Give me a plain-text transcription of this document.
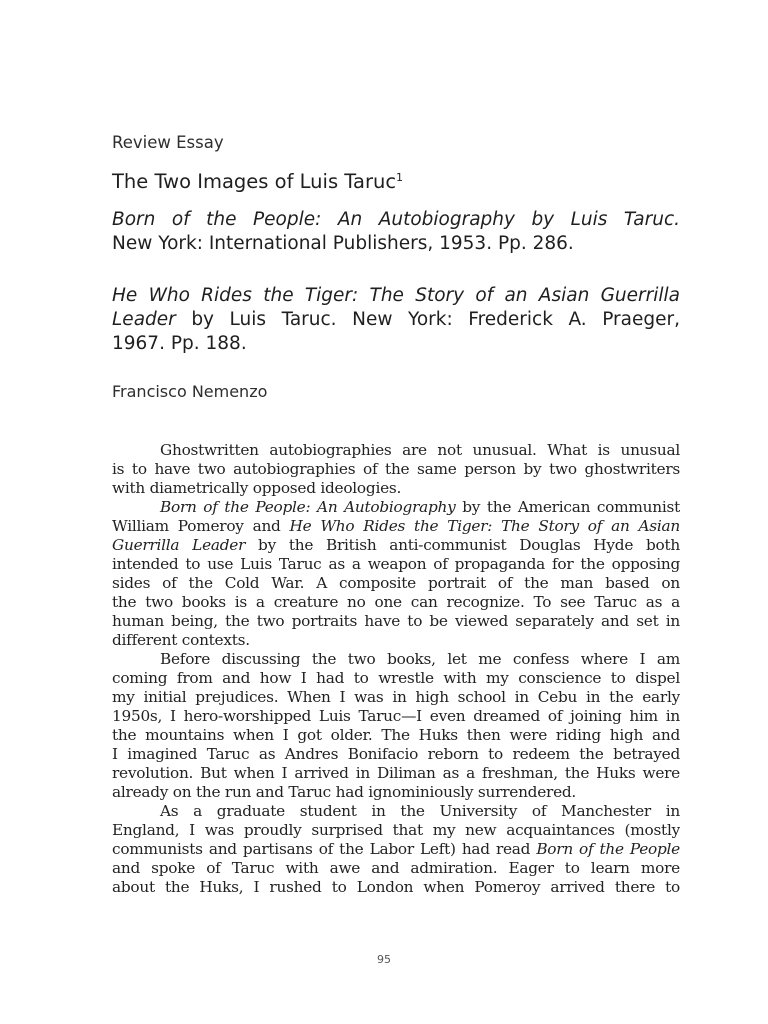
Review Essay
The Two Images of Luis Taruc$^1$
Born of the People: An Autobiography by Luis Taruc.
New York: International Publishers, 1953. Pp. 286.
He Who Rides the Tiger: The Story of an Asian Guerrilla
Leader by Luis Taruc. New York: Frederick A. Praeger,
1967. Pp. 188.
Francisco Nemenzo
Ghostwritten autobiographies are not unusual. What is unusual
is to have two autobiographies of the same person by two ghostwriters
with diametrically opposed ideologies.
Born of the People: An Autobiography by the American communist
William Pomeroy and He Who Rides the Tiger: The Story of an Asian
Guerrilla Leader by the British anti-communist Douglas Hyde both
intended to use Luis Taruc as a weapon of propaganda for the opposing
sides of the Cold War. A composite portrait of the man based on
the two books is a creature no one can recognize. To see Taruc as a
human being, the two portraits have to be viewed separately and set in
different contexts.
Before discussing the two books, let me confess where I am
coming from and how I had to wrestle with my conscience to dispel
my initial prejudices. When I was in high school in Cebu in the early
1950s, I hero-worshipped Luis Taruc—I even dreamed of joining him in
the mountains when I got older. The Huks then were riding high and
I imagined Taruc as Andres Bonifacio reborn to redeem the betrayed
revolution. But when I arrived in Diliman as a freshman, the Huks were
already on the run and Taruc had ignominiously surrendered.
As a graduate student in the University of Manchester in
England, I was proudly surprised that my new acquaintances (mostly
communists and partisans of the Labor Left) had read Born of the People
and spoke of Taruc with awe and admiration. Eager to learn more
about the Huks, I rushed to London when Pomeroy arrived there to
95
